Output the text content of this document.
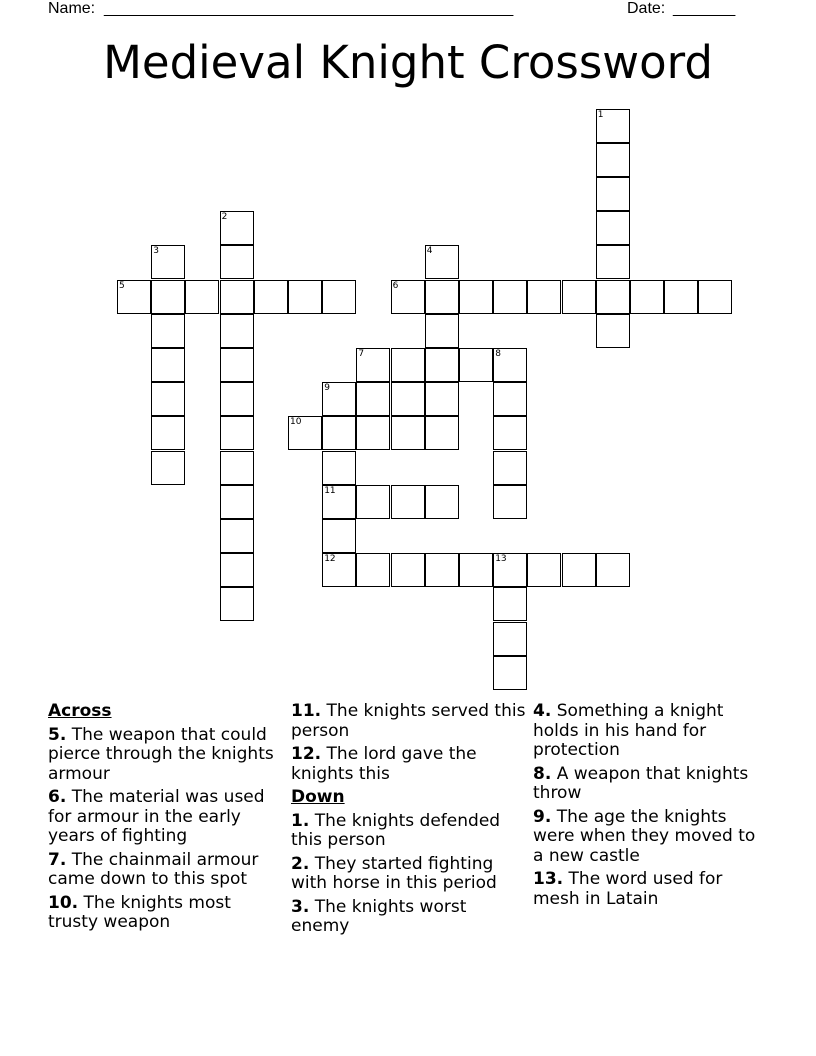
Name: ______________________________________________	Date: _______
Medieval Knight Crossword
1
2
3
5	6
4
7	8
9
11
12
10
13
Across
5. The weapon that could pierce through the knights armour
6. The material was used for armour in the early years of fighting
7. The chainmail armour came down to this spot
10. The knights most trusty weapon
11. The knights served this person
12. The lord gave the knights this
Down
1. The knights defended this person
2. They started fighting with horse in this period
3. The knights worst enemy
4. Something a knight holds in his hand for protection
8. A weapon that knights throw
9. The age the knights were when they moved to a new castle
13. The word used for mesh in Latain
